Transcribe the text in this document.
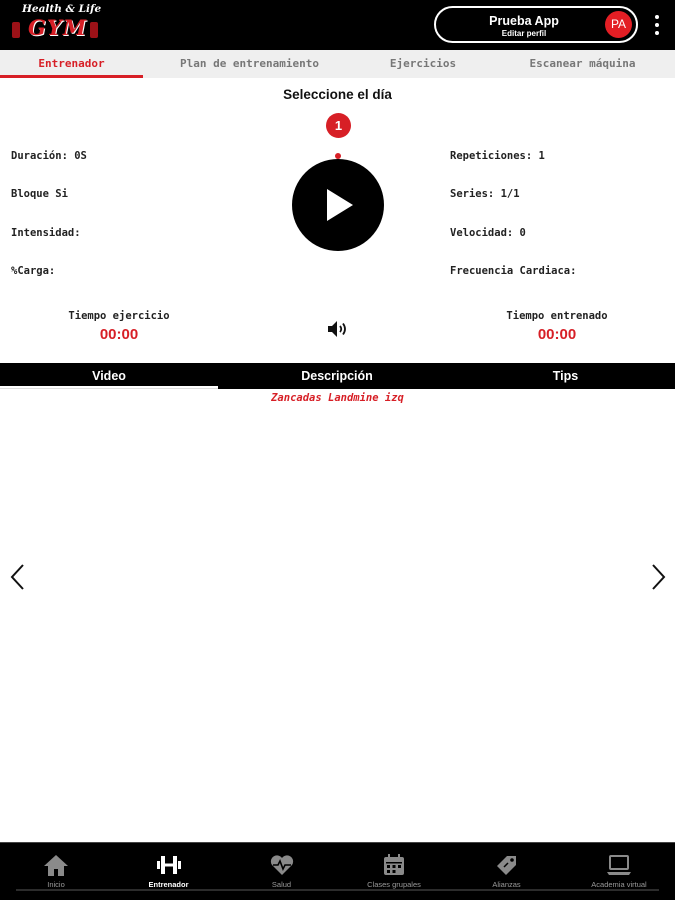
Health & Life
GYM	Prueba App
Editar perfil
PA
Entrenador	Plan de entrenamiento	Ejercicios	Escanear máquina
Seleccione el día
1
Duración: 0S
Bloque Si
Intensidad:
%Carga:
Repeticiones: 1
Series: 1/1
Velocidad: 0
Frecuencia Cardiaca:
Tiempo ejercicio
00:00
Tiempo entrenado
00:00
Video	Descripción	Tips
Zancadas Landmine izq
Inicio	Entrenador	Salud	Clases grupales	Alianzas	Academia virtual
